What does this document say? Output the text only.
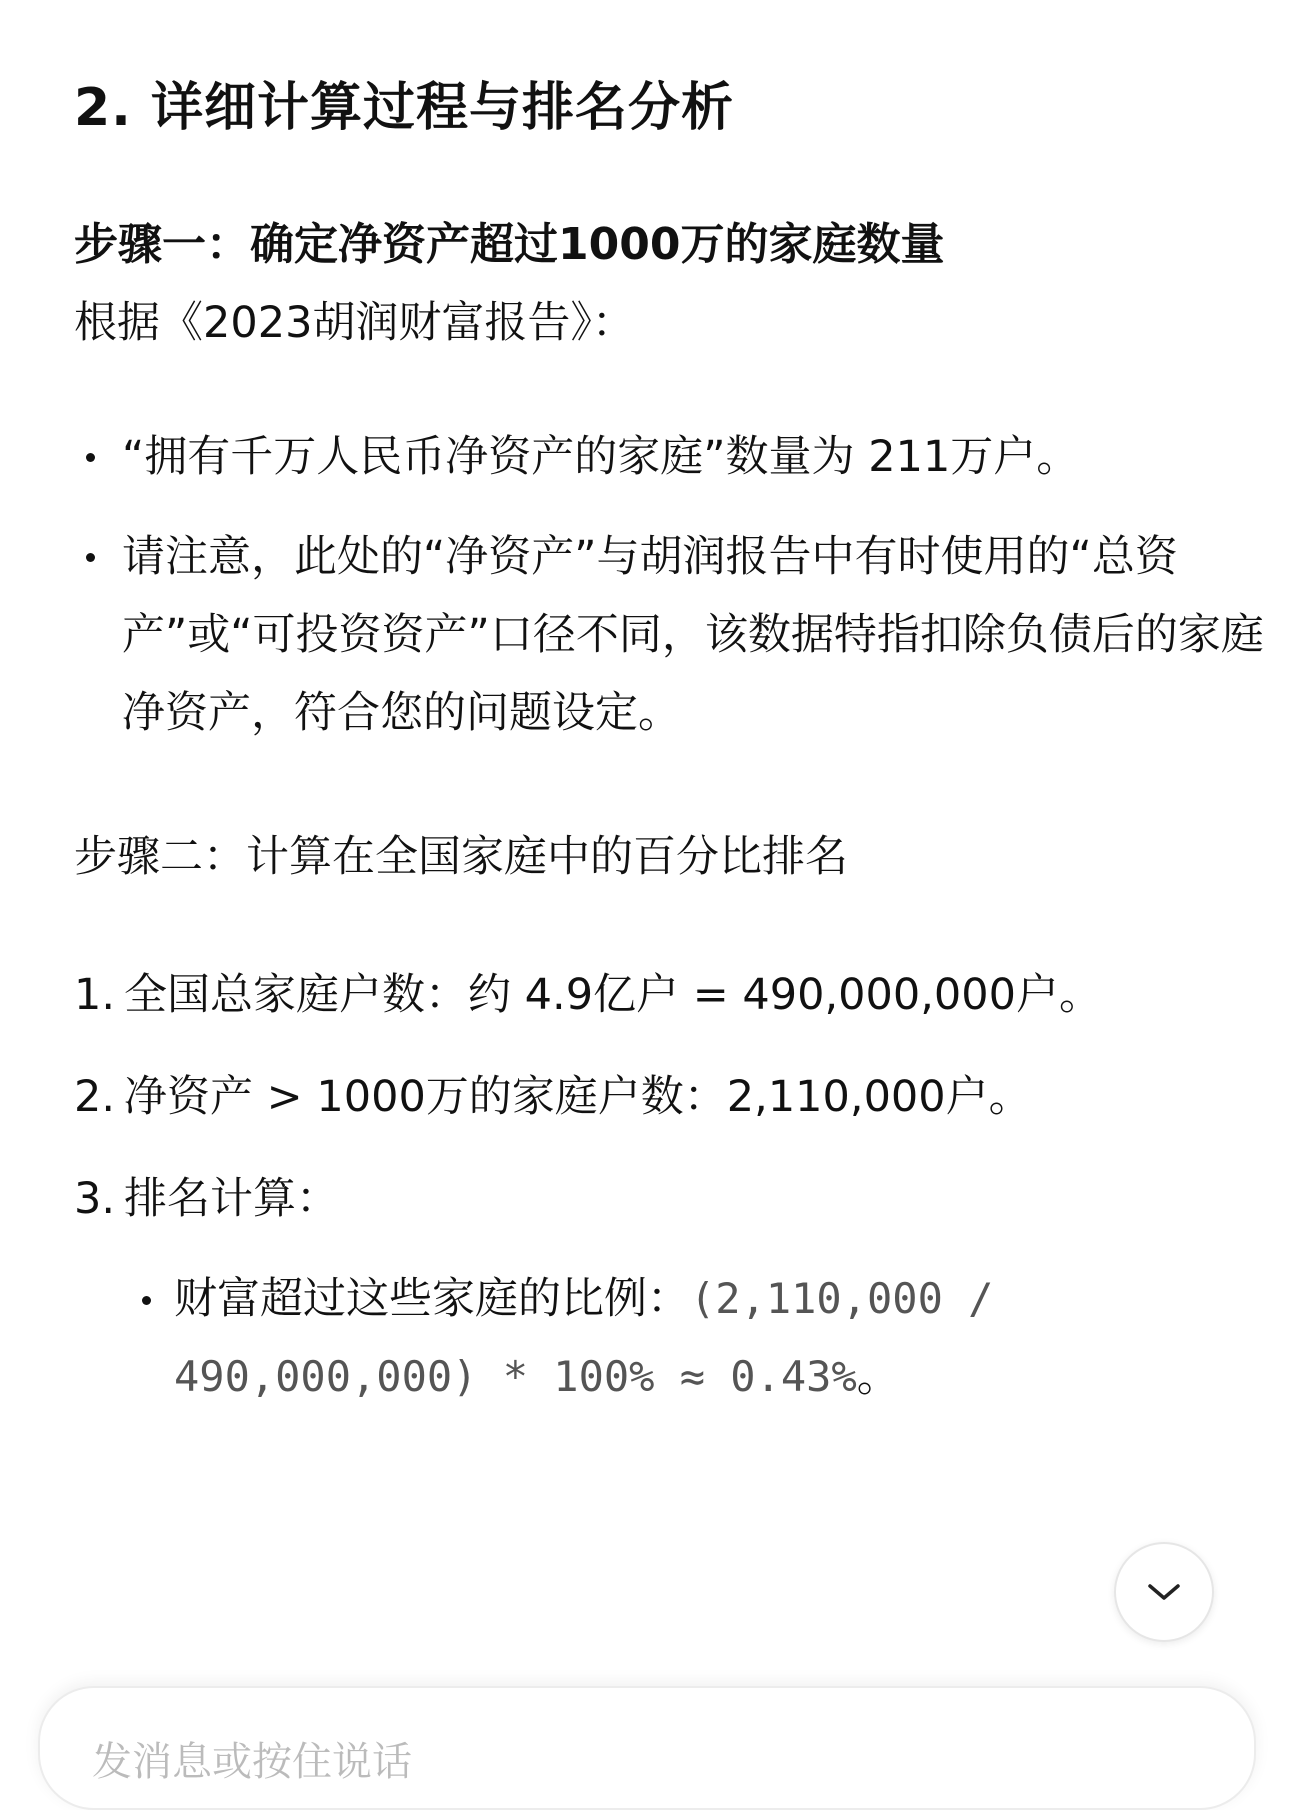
2. 详细计算过程与排名分析

步骤一：确定净资产超过1000万的家庭数量

根据《2023胡润财富报告》：

“拥有千万人民币净资产的家庭”数量为 211万户。
请注意，此处的“净资产”与胡润报告中有时使用的“总资产”或“可投资资产”口径不同，该数据特指扣除负债后的家庭净资产，符合您的问题设定。

步骤二：计算在全国家庭中的百分比排名

1. 全国总家庭户数：约 4.9亿户 = 490,000,000户。
2. 净资产 > 1000万的家庭户数：2,110,000户。
3. 排名计算：
财富超过这些家庭的比例：(2,110,000 / 490,000,000) * 100% ≈ 0.43%。
发消息或按住说话
